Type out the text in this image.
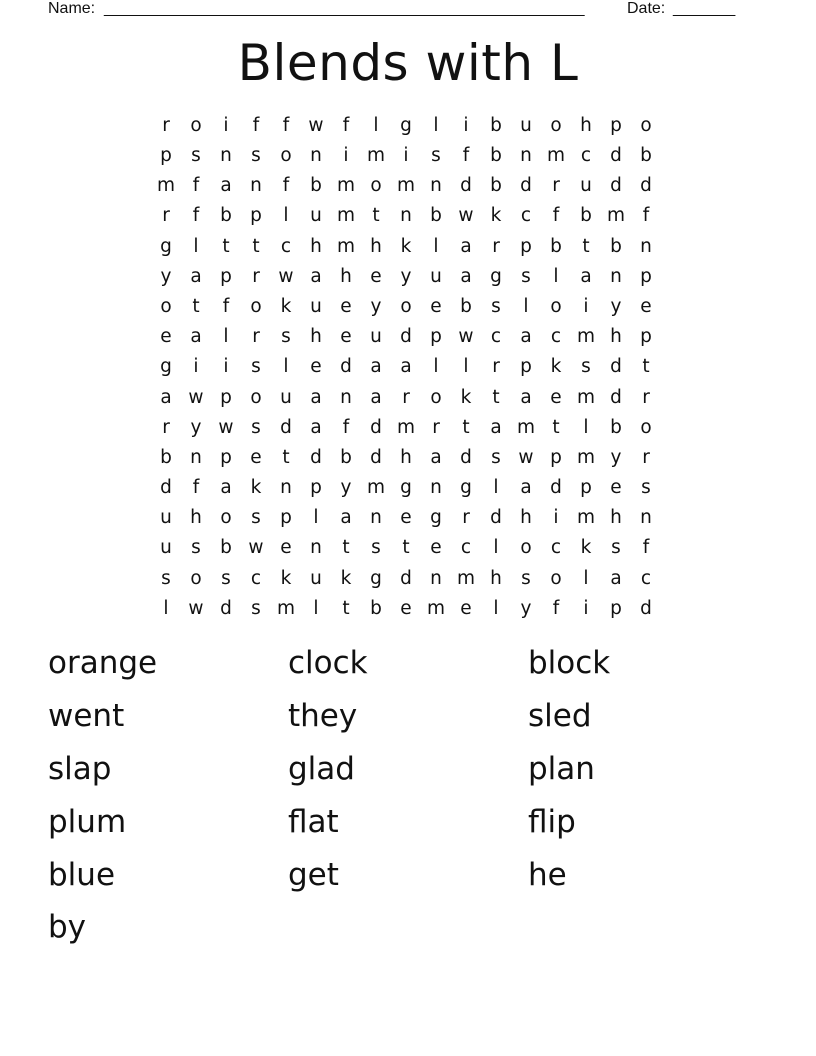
Name: ______________________________________________________	Date: _______
Blends with L
r	o	i	f	f	w	f	l	g	l	i	b u o h p o
p	s	n	s	o n	i m i	s	f	b n m c	d b
m f	a n	f	b m o m n d b d	r	u d d
r	f	b p	l	u m t	n b w k	c	f	b m f
g	l	t	t	c	h m h	k	l	a	r	p b	t	b n
y	a p	r	w a h e	y	u a g	s	l	a n p
o	t	f	o	k	u e	y	o	e b	s	l	o	i	y	e
e	a	l	r	s	h e u d p w c	a	c m h p
g	i	i	s	l	e d a	a	l	l	r	p	k	s	d	t
a w p o u a n a	r	o	k	t	a	e m d	r
r	y w s	d a	f	d m r	t	a m t	l	b o
b n p e	t	d b d h a d	s w p m y	r
d	f	a	k	n p	y m g n g	l	a d p e	s
u h o	s	p	l	a n e g	r	d h	i m h n
u	s	b w e n	t	s	t	e	c	l	o	c	k	s	f
s	o	s	c	k	u	k	g d n m h	s	o	l	a	c
l	w d	s m l	t	b e m e	l	y	f	i	p d
orange	clock	block
went	they	sled
slap	glad	plan
plum	flat	flip
blue	get	he
by
